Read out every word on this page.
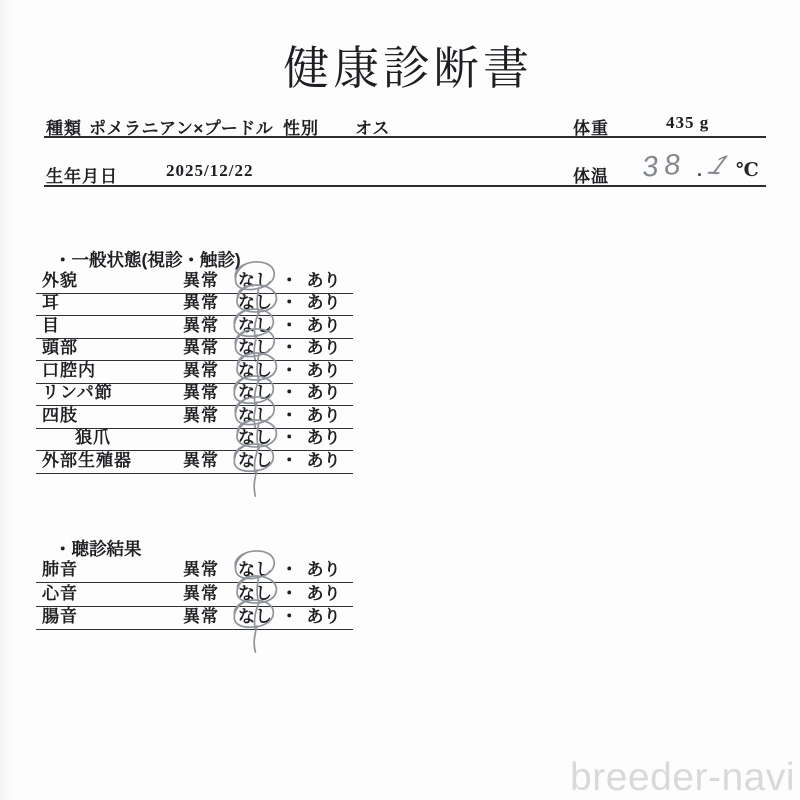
健康診断書
種類 ポメラニアン×プードル 性別 オス	体重	435 g
生年月日	2025/12/22	体温 38 . 1 ℃
・一般状態(視診・触診)
外貌	異常 なし ・ あり
耳	異常 なし ・ あり
目	異常 なし ・ あり
頭部	異常 なし ・ あり
口腔内	異常 なし ・ あり
リンパ節	異常 なし ・ あり
四肢	異常 なし ・ あり
狼爪	なし ・ あり
外部生殖器	異常 なし ・ あり
・聴診結果
肺音	異常 なし ・ あり
心音	異常 なし ・ あり
腸音	異常 なし ・ あり
breeder-navi
